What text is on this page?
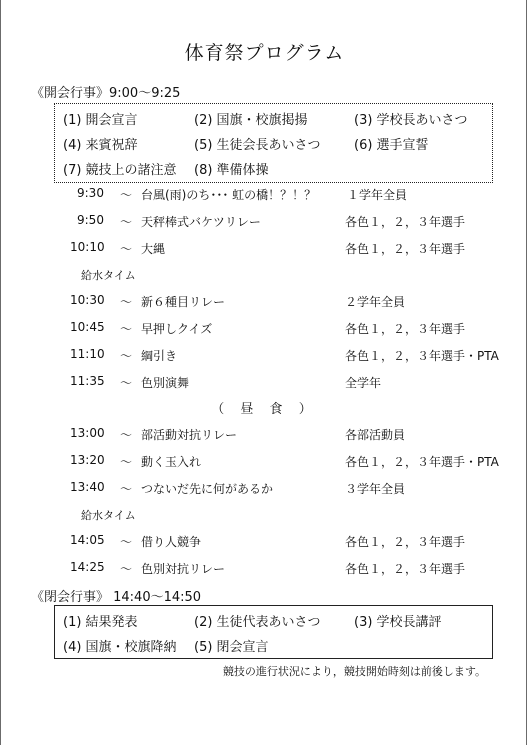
体育祭プログラム
《開会行事》9:00〜9:25
(1) 開会宣言	(2) 国旗・校旗掲揚	(3) 学校長あいさつ
(4) 来賓祝辞	(5) 生徒会長あいさつ	(6) 選手宣誓
(7) 競技上の諸注意 (8) 準備体操
9:30 〜 台風(雨)のち･･･ 虹の橋！？！？	１学年全員
9:50 〜 天秤棒式バケツリレー	各色１，２，３年選手
10:10 〜 大縄	各色１，２，３年選手
給水タイム
10:30 〜 新６種目リレー	２学年全員
10:45 〜 早押しクイズ	各色１，２，３年選手
11:10 〜 綱引き	各色１，２，３年選手・PTA
11:35 〜 色別演舞	全学年
（ 昼 食 ）
13:00 〜 部活動対抗リレー	各部活動員
13:20 〜 動く玉入れ	各色１，２，３年選手・PTA
13:40 〜 つないだ先に何があるか	３学年全員
給水タイム
14:05 〜 借り人競争	各色１，２，３年選手
14:25 〜 色別対抗リレー	各色１，２，３年選手
《閉会行事》 14:40〜14:50
(1) 結果発表	(2) 生徒代表あいさつ	(3) 学校長講評
(4) 国旗・校旗降納 (5) 閉会宣言
競技の進行状況により，競技開始時刻は前後します。
